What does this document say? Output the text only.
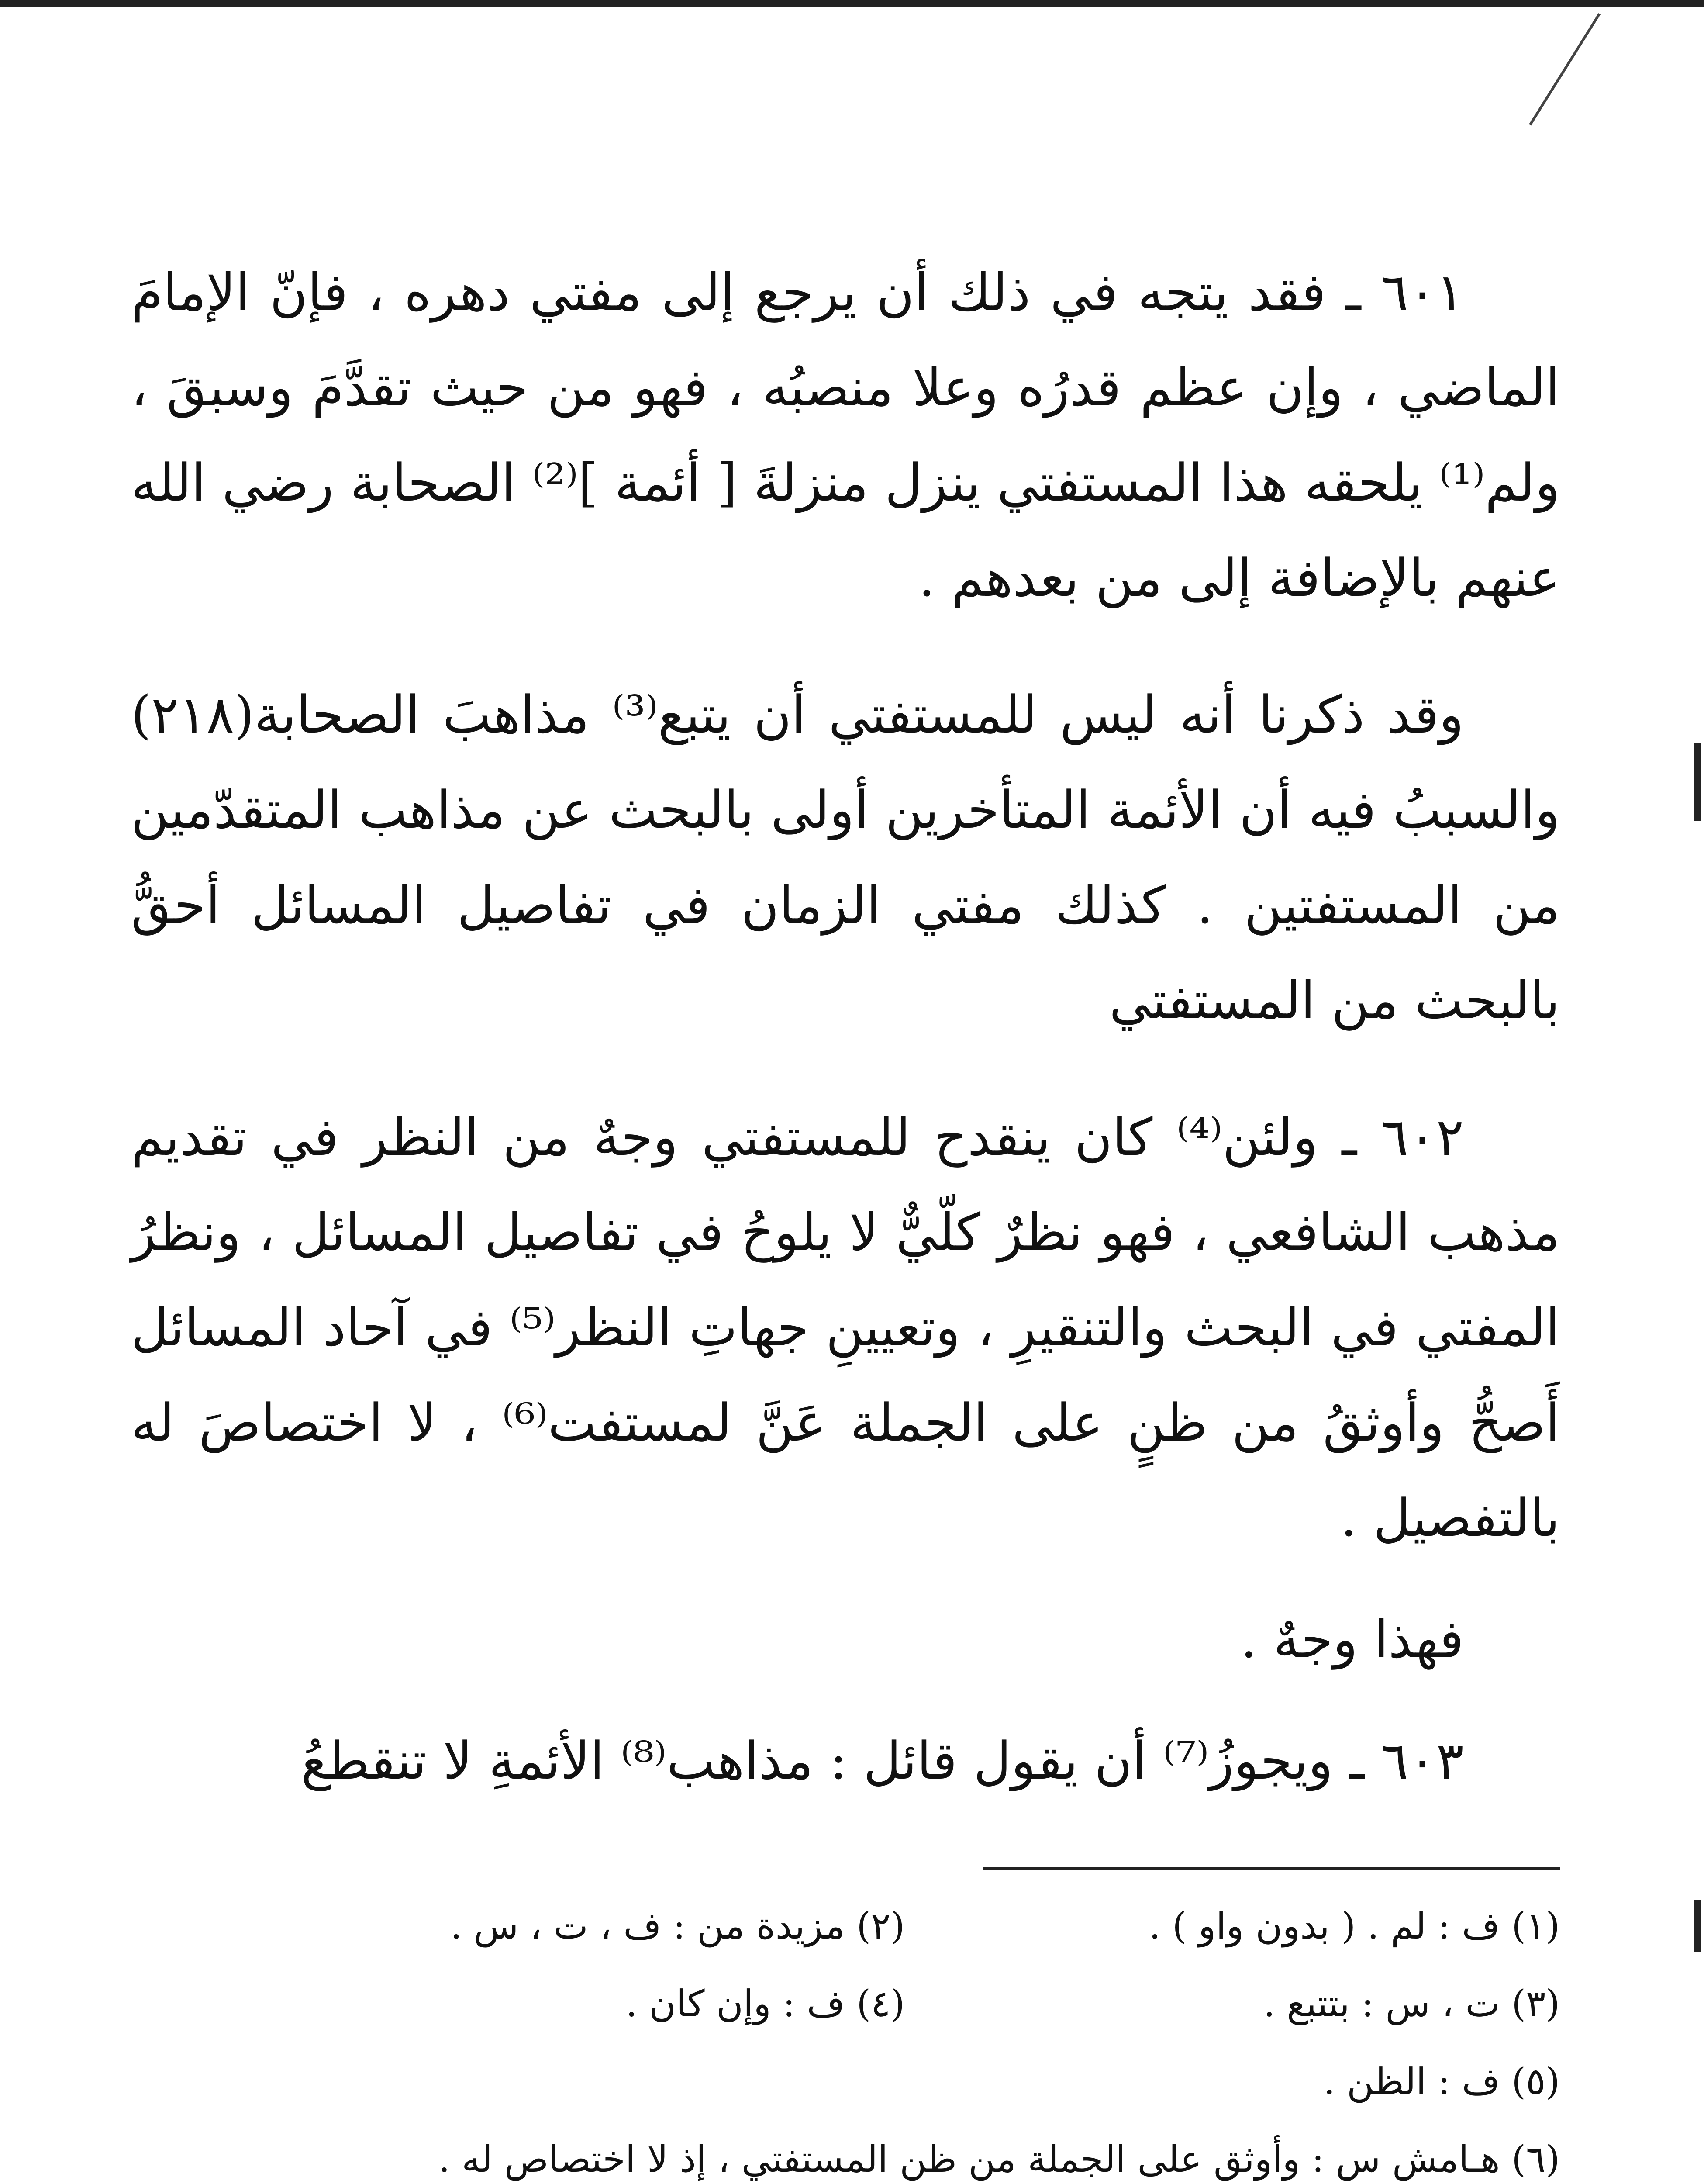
٦٠١ ـ فقد يتجه في ذلك أن يرجع إلى مفتي دهره ، فإنّ الإمامَ الماضي ، وإن عظم قدرُه وعلا منصبُه ، فهو من حيث تقدَّمَ وسبقَ ، ولم⁽¹⁾ يلحقه هذا المستفتي ينزل منزلةَ [ أئمة ]⁽²⁾ الصحابة رضي الله عنهم بالإضافة إلى من بعدهم .

وقد ذكرنا أنه ليس للمستفتي أن يتبع⁽³⁾ مذاهبَ الصحابة(٢١٨) والسببُ فيه أن الأئمة المتأخرين أولى بالبحث عن مذاهب المتقدّمين من المستفتين . كذلك مفتي الزمان في تفاصيل المسائل أحقُّ بالبحث من المستفتي

٦٠٢ ـ ولئن⁽⁴⁾ كان ينقدح للمستفتي وجهٌ من النظر في تقديم مذهب الشافعي ، فهو نظرٌ كلّيٌّ لا يلوحُ في تفاصيل المسائل ، ونظرُ المفتي في البحث والتنقيرِ ، وتعيينِ جهاتِ النظر⁽⁵⁾ في آحاد المسائل أَصحُّ وأوثقُ من ظنٍ على الجملة عَنَّ لمستفت⁽⁶⁾ ، لا اختصاصَ له بالتفصيل .

فهذا وجهٌ .

٦٠٣ ـ ويجوزُ⁽⁷⁾ أن يقول قائل : مذاهب⁽⁸⁾ الأئمةِ لا تنقطعُ

(١) ف : لم . ( بدون واو ) .
(٢) مزيدة من : ف ، ت ، س .
(٣) ت ، س : بتتبع .
(٤) ف : وإن كان .
(٥) ف : الظن .
(٦) هـامش س : وأوثق على الجملة من ظن المستفتي ، إذ لا اختصاص له .
